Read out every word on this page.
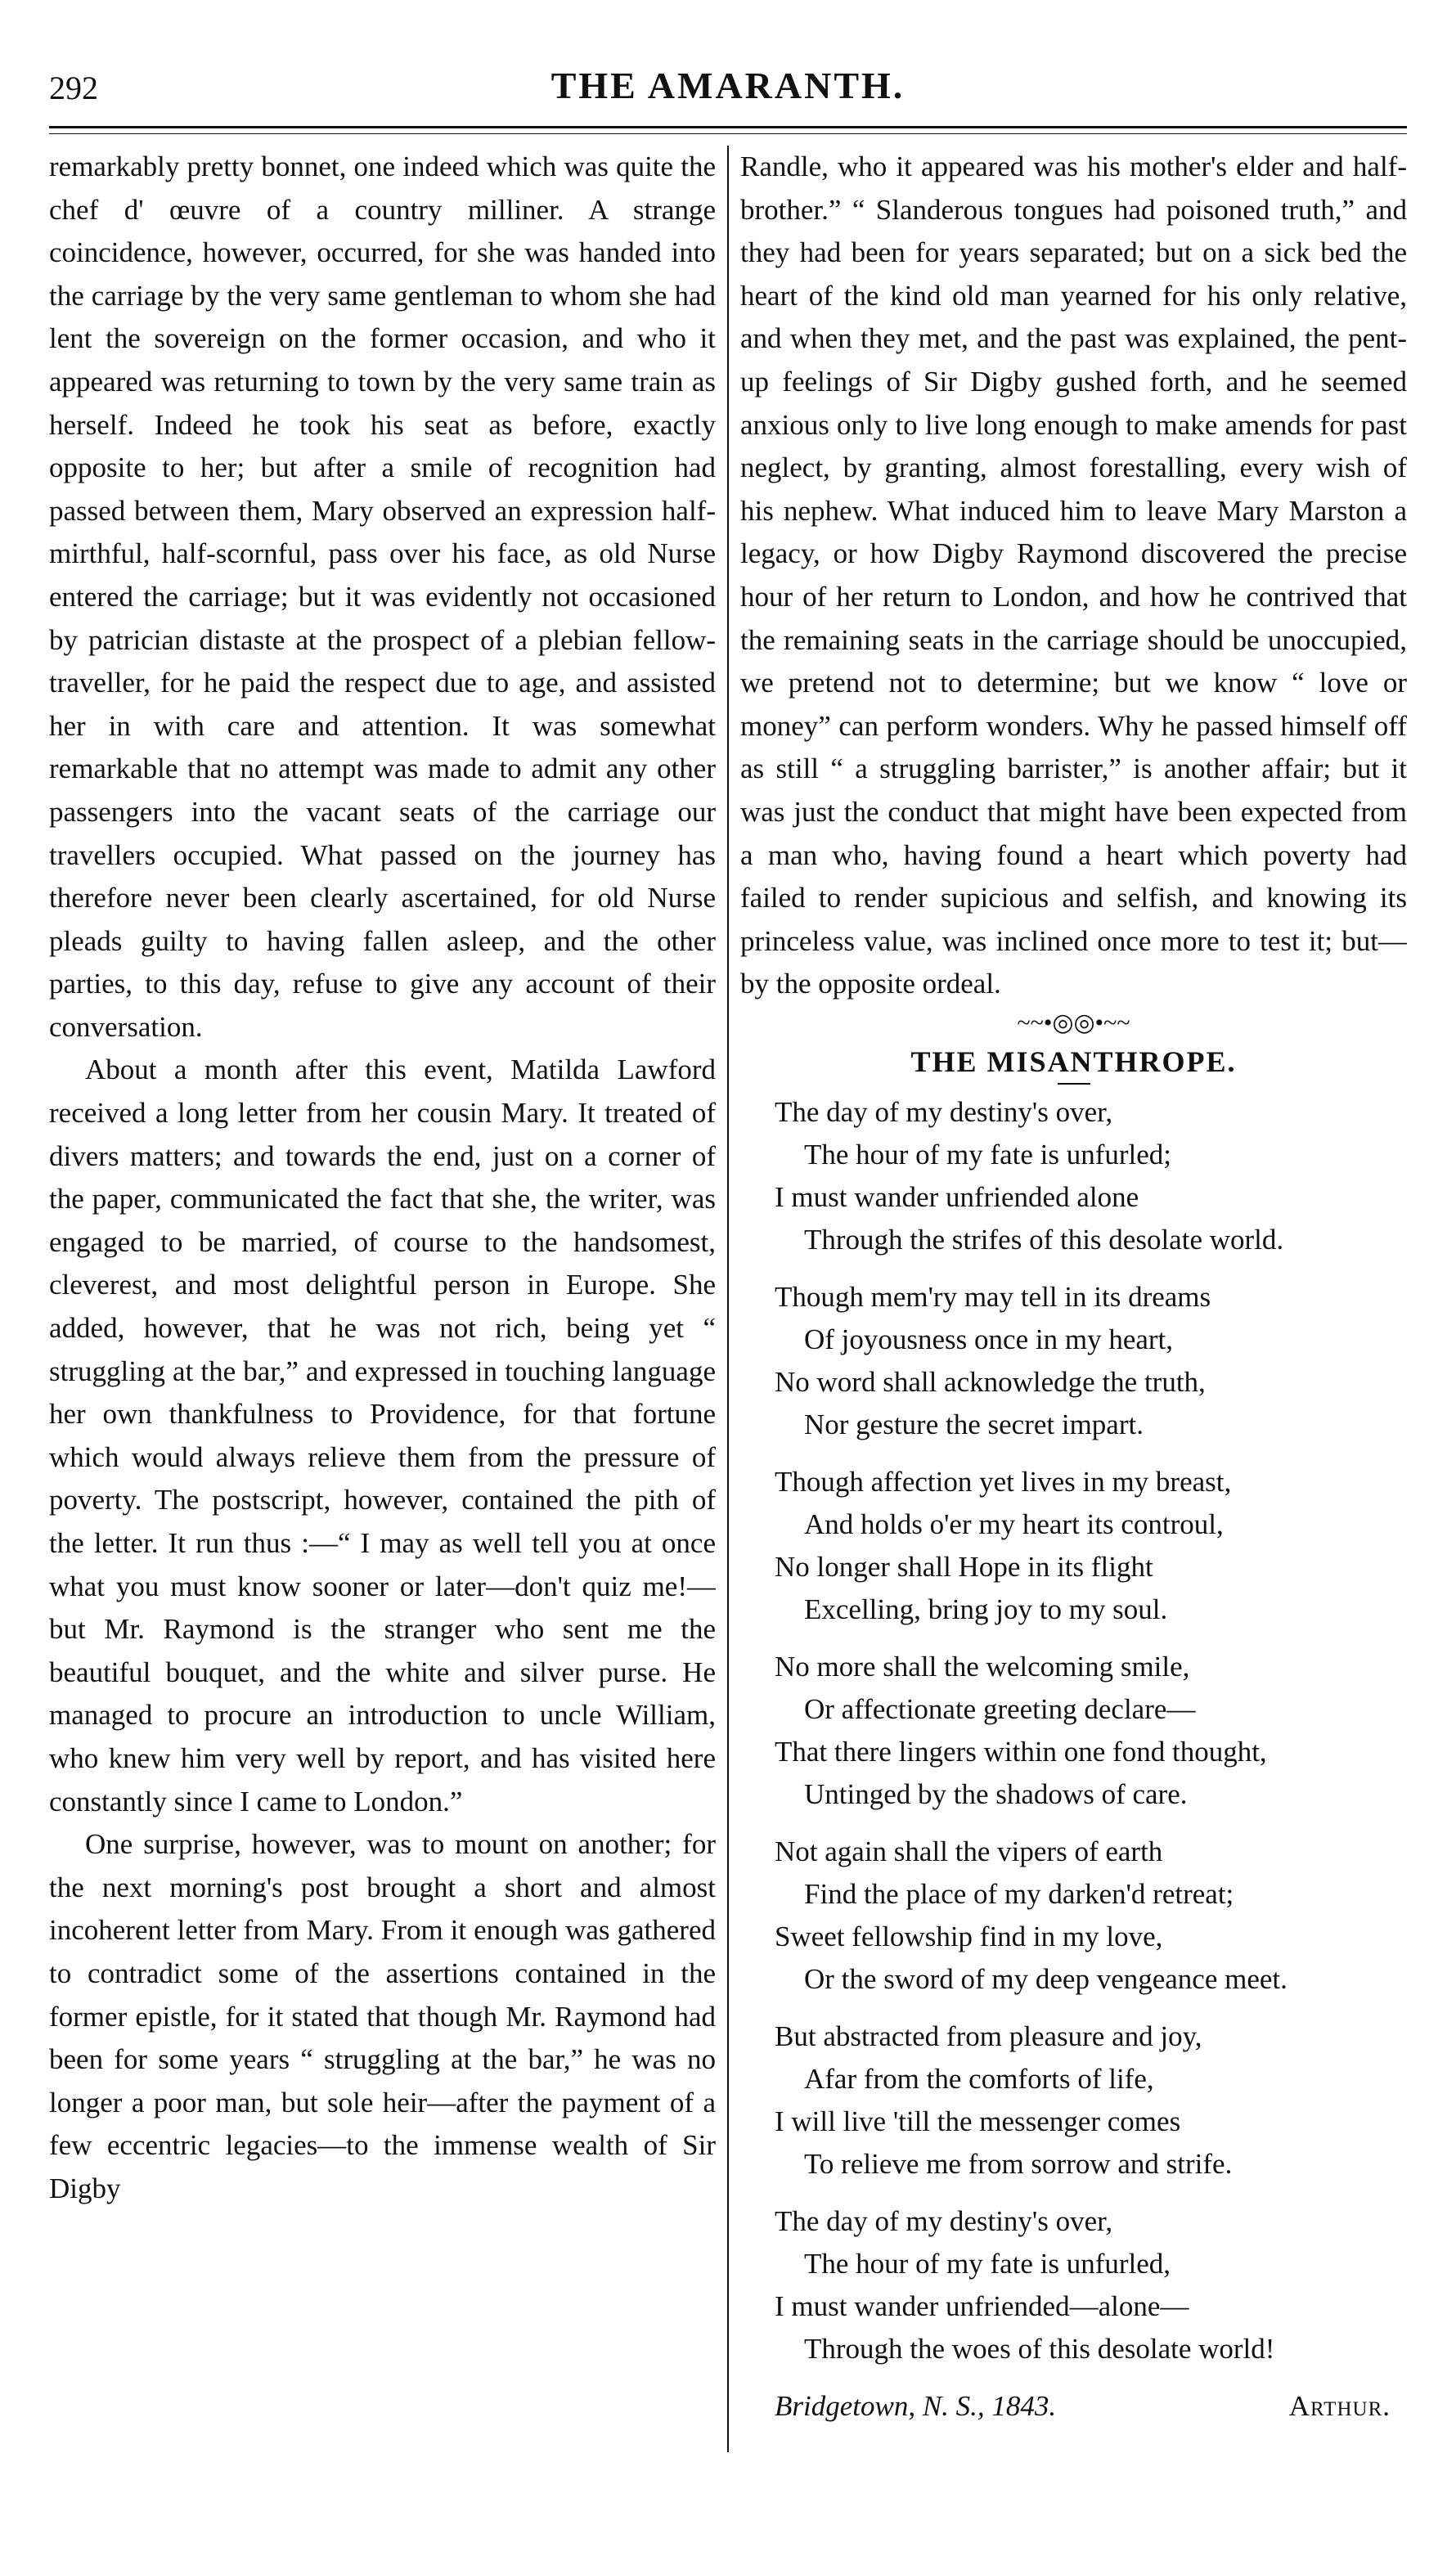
292	THE AMARANTH.

remarkably pretty bonnet, one indeed which was quite the chef d' œuvre of a country milliner. A strange coincidence, however, occurred, for she was handed into the carriage by the very same gentleman to whom she had lent the sovereign on the former occasion, and who it appeared was returning to town by the very same train as herself. Indeed he took his seat as before, exactly opposite to her; but after a smile of recognition had passed between them, Mary observed an expression half-mirthful, half-scornful, pass over his face, as old Nurse entered the carriage; but it was evidently not occasioned by patrician distaste at the prospect of a plebian fellow-traveller, for he paid the respect due to age, and assisted her in with care and attention. It was somewhat remarkable that no attempt was made to admit any other passengers into the vacant seats of the carriage our travellers occupied. What passed on the journey has therefore never been clearly ascertained, for old Nurse pleads guilty to having fallen asleep, and the other parties, to this day, refuse to give any account of their conversation.

About a month after this event, Matilda Lawford received a long letter from her cousin Mary. It treated of divers matters; and towards the end, just on a corner of the paper, communicated the fact that she, the writer, was engaged to be married, of course to the handsomest, cleverest, and most delightful person in Europe. She added, however, that he was not rich, being yet “ struggling at the bar,” and expressed in touching language her own thankfulness to Providence, for that fortune which would always relieve them from the pressure of poverty. The postscript, however, contained the pith of the letter. It run thus :—“ I may as well tell you at once what you must know sooner or later—don't quiz me!—but Mr. Raymond is the stranger who sent me the beautiful bouquet, and the white and silver purse. He managed to procure an introduction to uncle William, who knew him very well by report, and has visited here constantly since I came to London.”

One surprise, however, was to mount on another; for the next morning's post brought a short and almost incoherent letter from Mary. From it enough was gathered to contradict some of the assertions contained in the former epistle, for it stated that though Mr. Raymond had been for some years “ struggling at the bar,” he was no longer a poor man, but sole heir—after the payment of a few eccentric legacies—to the immense wealth of Sir Digby

Randle, who it appeared was his mother's elder and half-brother.” “ Slanderous tongues had poisoned truth,” and they had been for years separated; but on a sick bed the heart of the kind old man yearned for his only relative, and when they met, and the past was explained, the pent-up feelings of Sir Digby gushed forth, and he seemed anxious only to live long enough to make amends for past neglect, by granting, almost forestalling, every wish of his nephew. What induced him to leave Mary Marston a legacy, or how Digby Raymond discovered the precise hour of her return to London, and how he contrived that the remaining seats in the carriage should be unoccupied, we pretend not to determine; but we know “ love or money” can perform wonders. Why he passed himself off as still “ a struggling barrister,” is another affair; but it was just the conduct that might have been expected from a man who, having found a heart which poverty had failed to render supicious and selfish, and knowing its princeless value, was inclined once more to test it; but—by the opposite ordeal.

~~•◎◎•~~
THE MISANTHROPE.
The day of my destiny's over,
The hour of my fate is unfurled;
I must wander unfriended alone
Through the strifes of this desolate world.
Though mem'ry may tell in its dreams
Of joyousness once in my heart,
No word shall acknowledge the truth,
Nor gesture the secret impart.
Though affection yet lives in my breast,
And holds o'er my heart its controul,
No longer shall Hope in its flight
Excelling, bring joy to my soul.
No more shall the welcoming smile,
Or affectionate greeting declare—
That there lingers within one fond thought,
Untinged by the shadows of care.
Not again shall the vipers of earth
Find the place of my darken'd retreat;
Sweet fellowship find in my love,
Or the sword of my deep vengeance meet.
But abstracted from pleasure and joy,
Afar from the comforts of life,
I will live 'till the messenger comes
To relieve me from sorrow and strife.
The day of my destiny's over,
The hour of my fate is unfurled,
I must wander unfriended—alone—
Through the woes of this desolate world!
Bridgetown, N. S., 1843.	Arthur.
